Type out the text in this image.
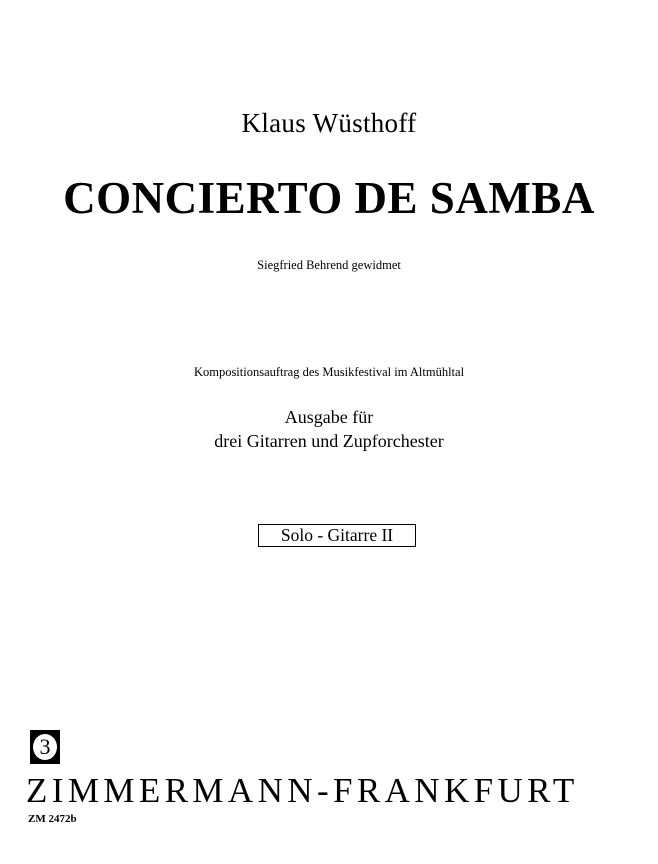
Klaus Wüsthoff
CONCIERTO DE SAMBA
Siegfried Behrend gewidmet
Kompositionsauftrag des Musikfestival im Altmühltal
Ausgabe für
drei Gitarren und Zupforchester
Solo - Gitarre II
3
ZIMMERMANN-FRANKFURT
ZM 2472b
